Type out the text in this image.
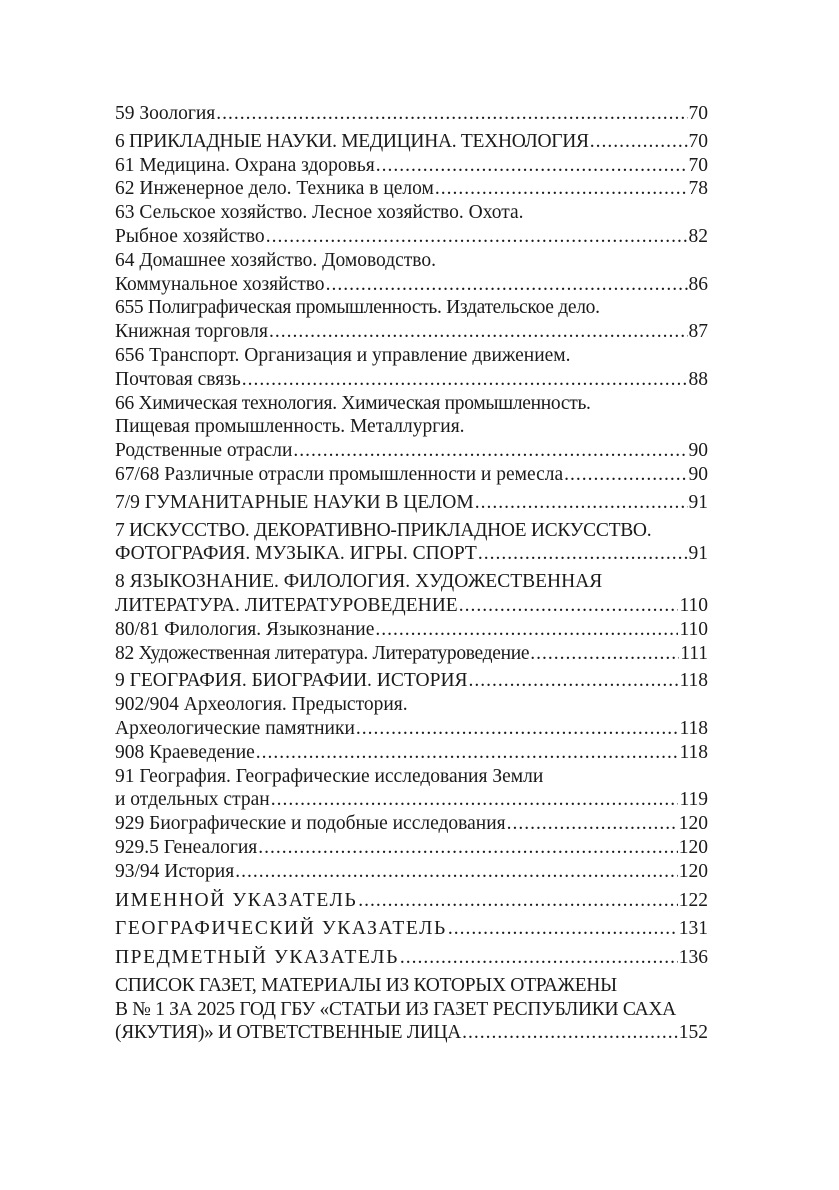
59 Зоология .....	70
6 ПРИКЛАДНЫЕ НАУКИ. МЕДИЦИНА. ТЕХНОЛОГИЯ .....	70
61 Медицина. Охрана здоровья .....	70
62 Инженерное дело. Техника в целом .....	78
63 Сельское хозяйство. Лесное хозяйство. Охота.
Рыбное хозяйство .....	82
64 Домашнее хозяйство. Домоводство.
Коммунальное хозяйство .....	86
655 Полиграфическая промышленность. Издательское дело.
Книжная торговля .....	87
656 Транспорт. Организация и управление движением.
Почтовая связь .....	88
66 Химическая технология. Химическая промышленность.
Пищевая промышленность. Металлургия.
Родственные отрасли .....	90
67/68 Различные отрасли промышленности и ремесла .....	90
7/9 ГУМАНИТАРНЫЕ НАУКИ В ЦЕЛОМ .....	91
7 ИСКУССТВО. ДЕКОРАТИВНО-ПРИКЛАДНОЕ ИСКУССТВО.
ФОТОГРАФИЯ. МУЗЫКА. ИГРЫ. СПОРТ .....	91
8 ЯЗЫКОЗНАНИЕ. ФИЛОЛОГИЯ. ХУДОЖЕСТВЕННАЯ
ЛИТЕРАТУРА. ЛИТЕРАТУРОВЕДЕНИЕ .....	110
80/81 Филология. Языкознание .....	110
82 Художественная литература. Литературоведение .....	111
9 ГЕОГРАФИЯ. БИОГРАФИИ. ИСТОРИЯ .....	118
902/904 Археология. Предыстория.
Археологические памятники .....	118
908 Краеведение .....	118
91 География. Географические исследования Земли
и отдельных стран .....	119
929 Биографические и подобные исследования .....	120
929.5 Генеалогия .....	120
93/94 История .....	120
ИМЕННОЙ УКАЗАТЕЛЬ .....	122
ГЕОГРАФИЧЕСКИЙ УКАЗАТЕЛЬ .....	131
ПРЕДМЕТНЫЙ УКАЗАТЕЛЬ .....	136
СПИСОК ГАЗЕТ, МАТЕРИАЛЫ ИЗ КОТОРЫХ ОТРАЖЕНЫ
В № 1 ЗА 2025 ГОД ГБУ «СТАТЬИ ИЗ ГАЗЕТ РЕСПУБЛИКИ САХА
(ЯКУТИЯ)» И ОТВЕТСТВЕННЫЕ ЛИЦА .....	152
